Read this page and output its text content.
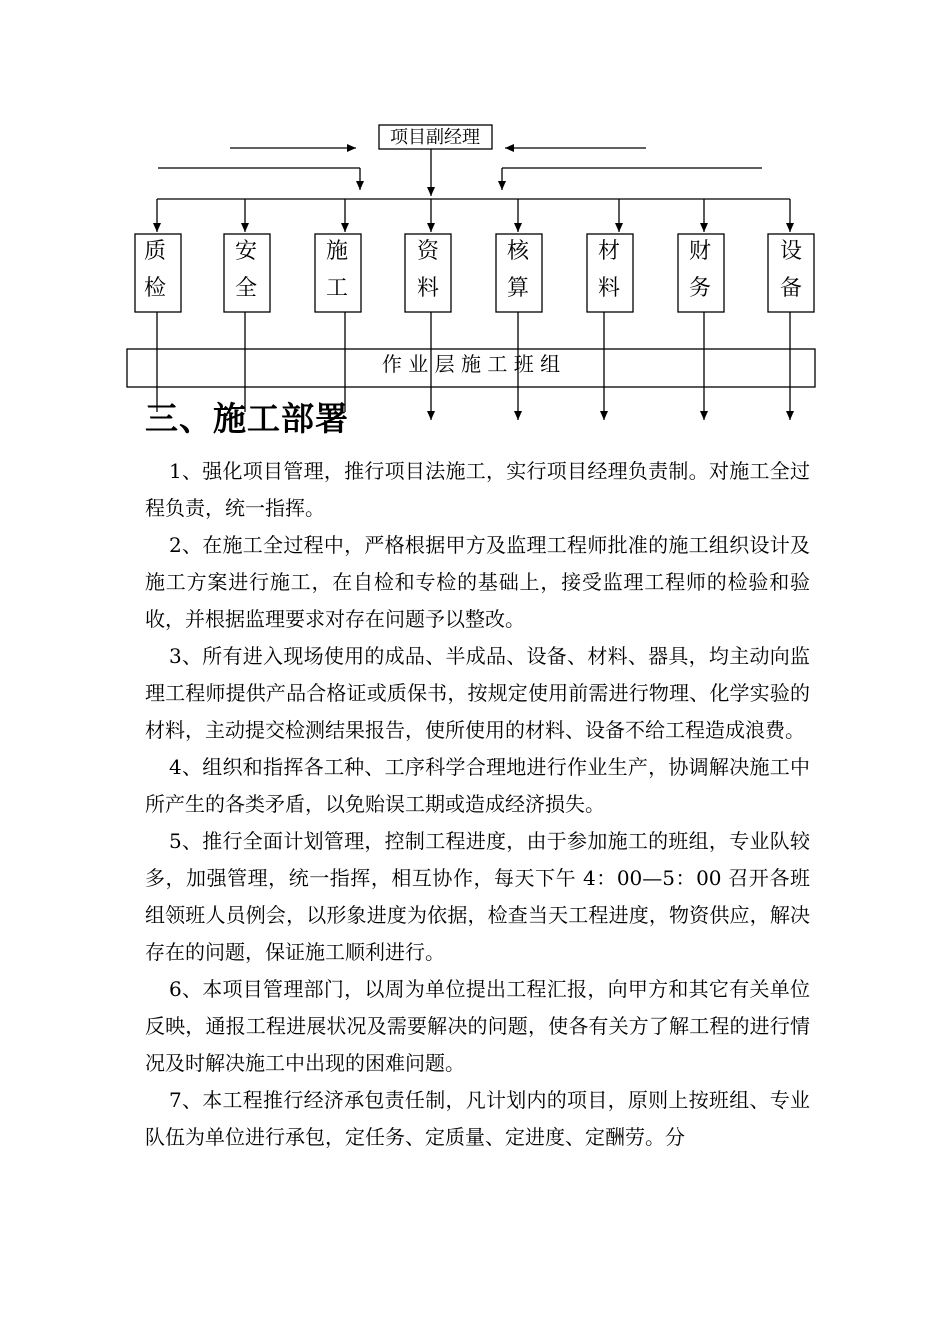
项目副经理
作 业 层 施 工 班 组
质
检
安
全
施
工
资
料
核
算
材
料
财
务
设
备
三、施工部署

1、强化项目管理，推行项目法施工，实行项目经理负责制。对施工全过程负责，统一指挥。

2、在施工全过程中，严格根据甲方及监理工程师批准的施工组织设计及施工方案进行施工，在自检和专检的基础上，接受监理工程师的检验和验收，并根据监理要求对存在问题予以整改。

3、所有进入现场使用的成品、半成品、设备、材料、器具，均主动向监理工程师提供产品合格证或质保书，按规定使用前需进行物理、化学实验的材料，主动提交检测结果报告，使所使用的材料、设备不给工程造成浪费。

4、组织和指挥各工种、工序科学合理地进行作业生产，协调解决施工中所产生的各类矛盾，以免贻误工期或造成经济损失。

5、推行全面计划管理，控制工程进度，由于参加施工的班组，专业队较多，加强管理，统一指挥，相互协作，每天下午 4：00—5：00 召开各班组领班人员例会，以形象进度为依据，检查当天工程进度，物资供应，解决存在的问题，保证施工顺利进行。

6、本项目管理部门，以周为单位提出工程汇报，向甲方和其它有关单位反映，通报工程进展状况及需要解决的问题，使各有关方了解工程的进行情况及时解决施工中出现的困难问题。

7、本工程推行经济承包责任制，凡计划内的项目，原则上按班组、专业队伍为单位进行承包，定任务、定质量、定进度、定酬劳。分
